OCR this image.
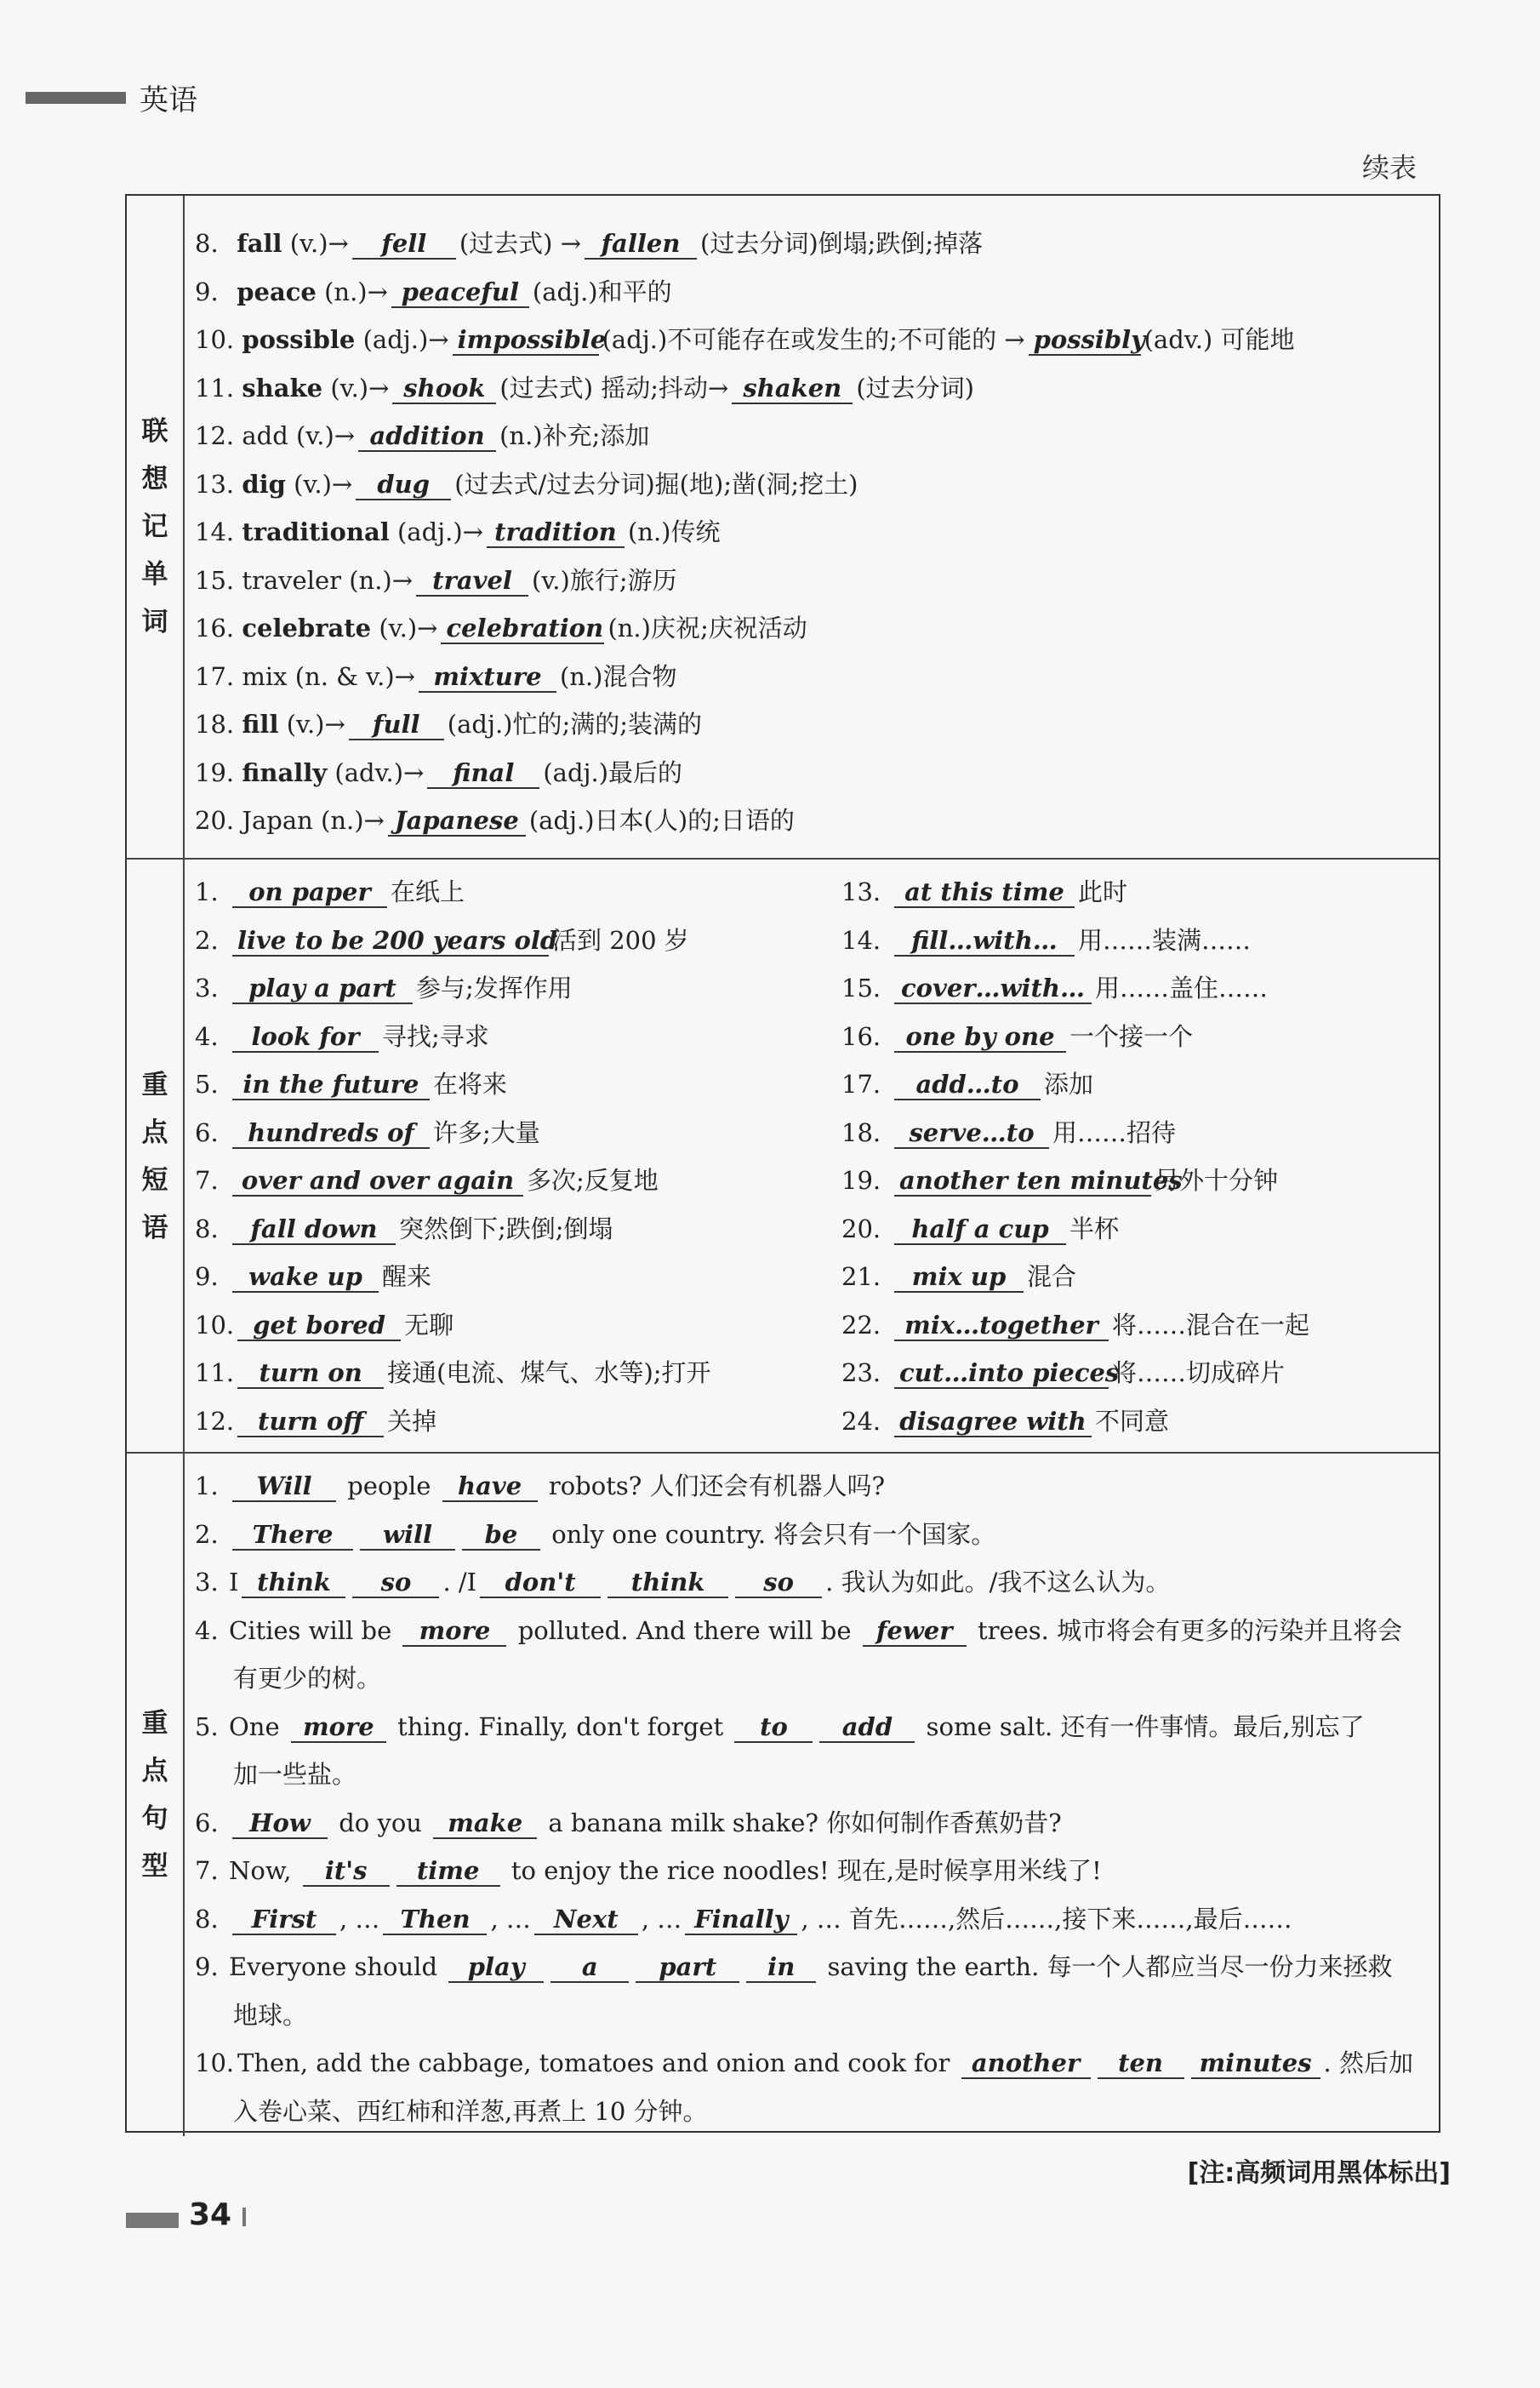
英语
续表
联
想
记
单
词
8. fall (v.)→ fell (过去式) → fallen (过去分词)倒塌;跌倒;掉落
9. peace (n.)→ peaceful (adj.)和平的
10. possible (adj.)→ impossible(adj.)不可能存在或发生的;不可能的 → possibly(adv.) 可能地
11. shake (v.)→ shook (过去式) 摇动;抖动→ shaken (过去分词)
12. add (v.)→ addition (n.)补充;添加
13. dig (v.)→ dug (过去式/过去分词)掘(地);凿(洞;挖土)
14. traditional (adj.)→ tradition (n.)传统
15. traveler (n.)→ travel (v.)旅行;游历
16. celebrate (v.)→ celebration (n.)庆祝;庆祝活动
17. mix (n. & v.)→ mixture (n.)混合物
18. fill (v.)→ full (adj.)忙的;满的;装满的
19. finally (adv.)→ final (adj.)最后的
20. Japan (n.)→ Japanese (adj.)日本(人)的;日语的
重
点
短
语
1. on paper 在纸上
2. live to be 200 years old活到 200 岁
3. play a part 参与;发挥作用
4. look for 寻找;寻求
5. in the future 在将来
6. hundreds of 许多;大量
7. over and over again 多次;反复地
8. fall down 突然倒下;跌倒;倒塌
9. wake up 醒来
10. get bored 无聊
11. turn on 接通(电流、煤气、水等);打开
12. turn off 关掉
13. at this time 此时
14. fill…with… 用……装满……
15. cover…with… 用……盖住……
16. one by one 一个接一个
17. add…to 添加
18. serve…to 用……招待
19. another ten minutes另外十分钟
20. half a cup 半杯
21. mix up 混合
22. mix…together 将……混合在一起
23. cut…into pieces将……切成碎片
24. disagree with 不同意
重
点
句
型
1. Will people have robots? 人们还会有机器人吗?
2. There will be only one country. 将会只有一个国家。
3. I think so . /I don't think so . 我认为如此。/我不这么认为。
4. Cities will be more polluted. And there will be fewer trees. 城市将会有更多的污染并且将会
有更少的树。
5. One more thing. Finally, don't forget to add some salt. 还有一件事情。最后,别忘了
加一些盐。
6. How do you make a banana milk shake? 你如何制作香蕉奶昔?
7. Now, it's time to enjoy the rice noodles! 现在,是时候享用米线了!
8. First , … Then , … Next , … Finally , … 首先……,然后……,接下来……,最后……
9. Everyone should play a part in saving the earth. 每一个人都应当尽一份力来拯救
地球。
10. Then, add the cabbage, tomatoes and onion and cook for another ten minutes . 然后加
入卷心菜、西红柿和洋葱,再煮上 10 分钟。
[注:高频词用黑体标出]
34
